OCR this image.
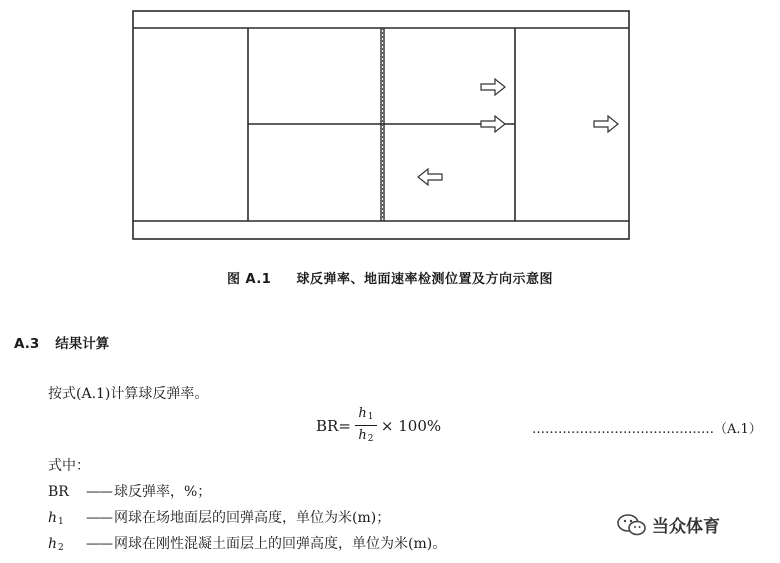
图 A.1 球反弹率、地面速率检测位置及方向示意图
A.3 结果计算
按式(A.1)计算球反弹率。
BR = $\frac{h_1}{h_2}$ ×
100%	……………………………………（A.1）
式中：
BR —— 球反弹率，%；
$h_1$ —— 网球在场地面层的回弹高度，单位为米(m)；
$h_2$ —— 网球在刚性混凝土面层上的回弹高度，单位为米(m)。
当众体育
